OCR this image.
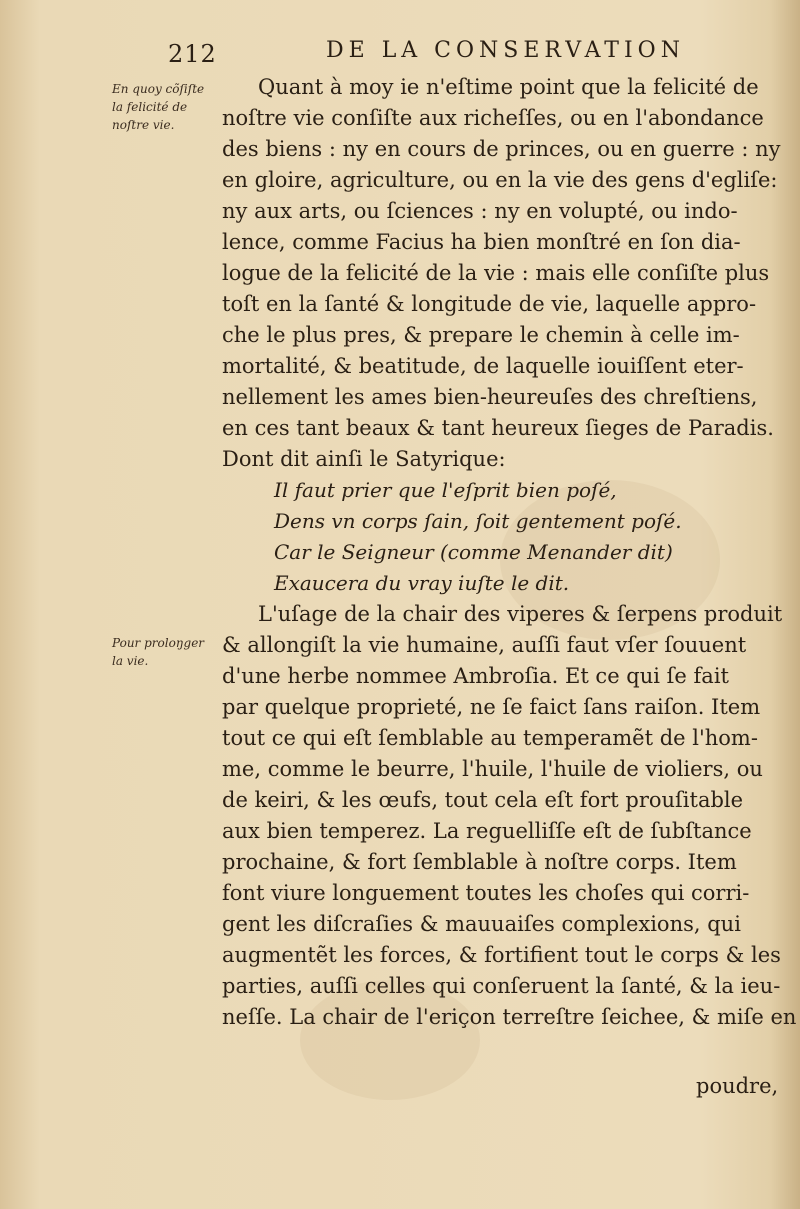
212	DE LA CONSERVATION
En quoy cõſiſte la felicité de noſtre vie.
Pour proloŋger la vie.
Quant à moy ie n'eſtime point que la felicité de
noſtre vie conſiſte aux richeſſes, ou en l'abondance
des biens : ny en cours de princes, ou en guerre : ny
en gloire, agriculture, ou en la vie des gens d'egliſe:
ny aux arts, ou ſciences : ny en volupté, ou indo-
lence, comme Facius ha bien monſtré en ſon dia-
logue de la felicité de la vie : mais elle conſiſte plus
toſt en la ſanté & longitude de vie, laquelle appro-
che le plus pres, & prepare le chemin à celle im-
mortalité, & beatitude, de laquelle iouiſſent eter-
nellement les ames bien-heureuſes des chreſtiens,
en ces tant beaux & tant heureux ſieges de Paradis.
Dont dit ainſi le Satyrique:
Il faut prier que l'eſprit bien poſé,
Dens vn corps ſain, ſoit gentement poſé.
Car le Seigneur (comme Menander dit)
Exaucera du vray iuſte le dit.
L'uſage de la chair des viperes & ſerpens produit
& allongiſt la vie humaine, auſſi faut vſer ſouuent
d'une herbe nommee Ambroſia. Et ce qui ſe fait
par quelque proprieté, ne ſe faict ſans raiſon. Item
tout ce qui eſt ſemblable au temperamẽt de l'hom-
me, comme le beurre, l'huile, l'huile de violiers, ou
de keiri, & les œufs, tout cela eſt fort prouſitable
aux bien temperez. La reguelliſſe eſt de ſubſtance
prochaine, & fort ſemblable à noſtre corps. Item
font viure longuement toutes les choſes qui corri-
gent les diſcraſies & mauuaiſes complexions, qui
augmentẽt les forces, & fortifient tout le corps & les
parties, auſſi celles qui conſeruent la ſanté, & la ieu-
neſſe. La chair de l'eriçon terreſtre ſeichee, & miſe en
poudre,
